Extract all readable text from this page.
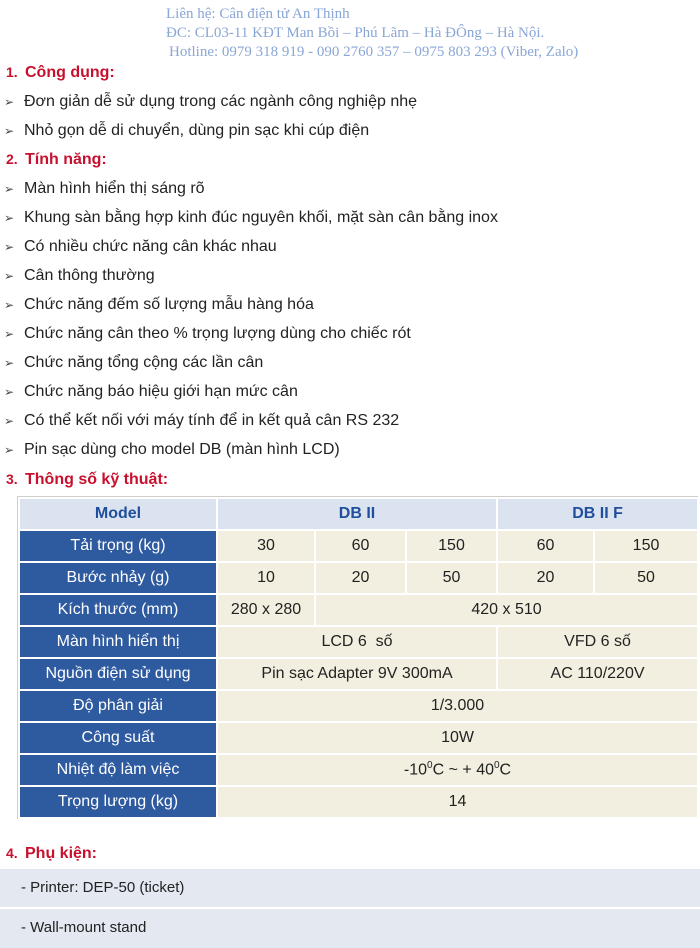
Liên hệ: Cân điện tử An Thịnh
ĐC: CL03-11 KĐT Man Bồi – Phú Lãm – Hà ĐÔng – Hà Nội.
Hotline: 0979 318 919 - 090 2760 357 – 0975 803 293 (Viber, Zalo)
1. Công dụng:
➢ Đơn giản dễ sử dụng trong các ngành công nghiệp nhẹ
➢ Nhỏ gọn dễ di chuyển, dùng pin sạc khi cúp điện
2. Tính năng:
➢ Màn hình hiển thị sáng rõ
➢ Khung sàn bằng hợp kinh đúc nguyên khối, mặt sàn cân bằng inox
➢ Có nhiều chức năng cân khác nhau
➢ Cân thông thường
➢ Chức năng đếm số lượng mẫu hàng hóa
➢ Chức năng cân theo % trọng lượng dùng cho chiếc rót
➢ Chức năng tổng cộng các lần cân
➢ Chức năng báo hiệu giới hạn mức cân
➢ Có thể kết nối với máy tính để in kết quả cân RS 232
➢ Pin sạc dùng cho model DB (màn hình LCD)
3. Thông số kỹ thuật:
Model	DB II			DB II F	
Tải trọng (kg)	30	60	150	60	150
Bước nhảy (g)	10	20	50	20	50
Kích thước (mm)	280 x 280	420 x 510			
Màn hình hiển thị	LCD 6  số			VFD 6 số	
Nguồn điện sử dụng	Pin sạc Adapter 9V 300mA			AC 110/220V	
Độ phân giải	1/3.000				
Công suất	10W				
Nhiệt độ làm việc	$-10^0C$ ~ + $40^0C$				
Trọng lượng (kg)	14				
4. Phụ kiện:
- Printer: DEP-50 (ticket)
- Wall-mount stand
